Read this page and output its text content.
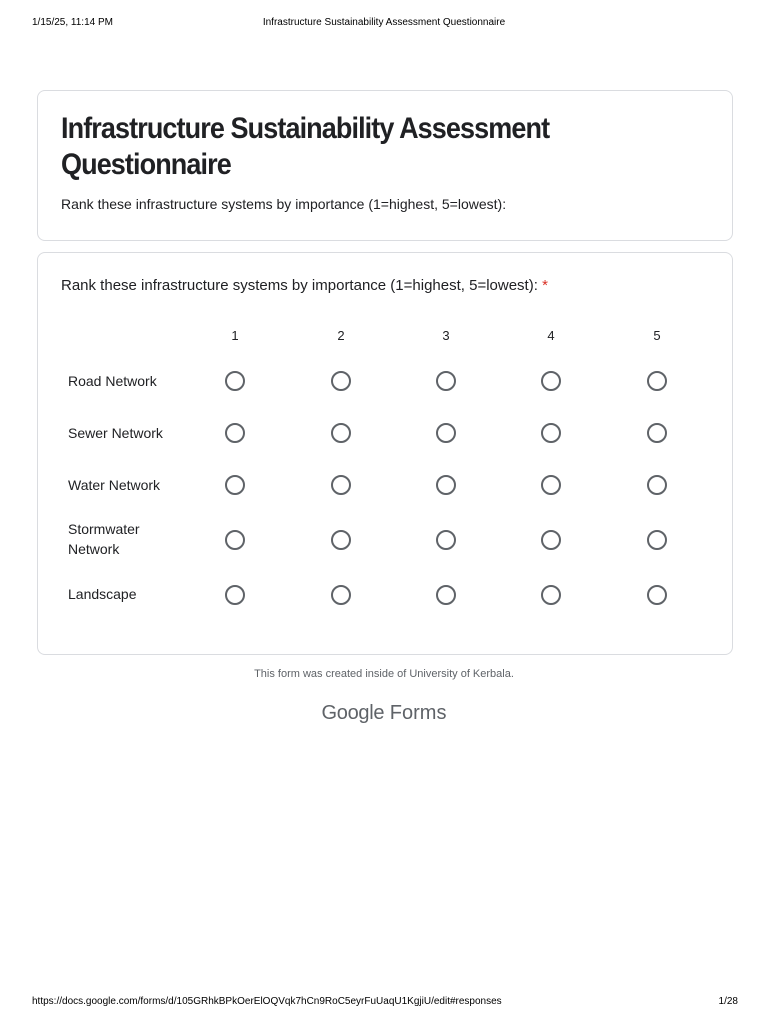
1/15/25, 11:14 PM	Infrastructure Sustainability Assessment Questionnaire
Infrastructure Sustainability Assessment Questionnaire
Rank these infrastructure systems by importance (1=highest, 5=lowest):
Rank these infrastructure systems by importance (1=highest, 5=lowest): *
1	2	3	4	5
Road Network
Sewer Network
Water Network
Stormwater Network
Landscape
This form was created inside of University of Kerbala.
Google Forms
https://docs.google.com/forms/d/105GRhkBPkOerElOQVqk7hCn9RoC5eyrFuUaqU1KgjiU/edit#responses	1/28
